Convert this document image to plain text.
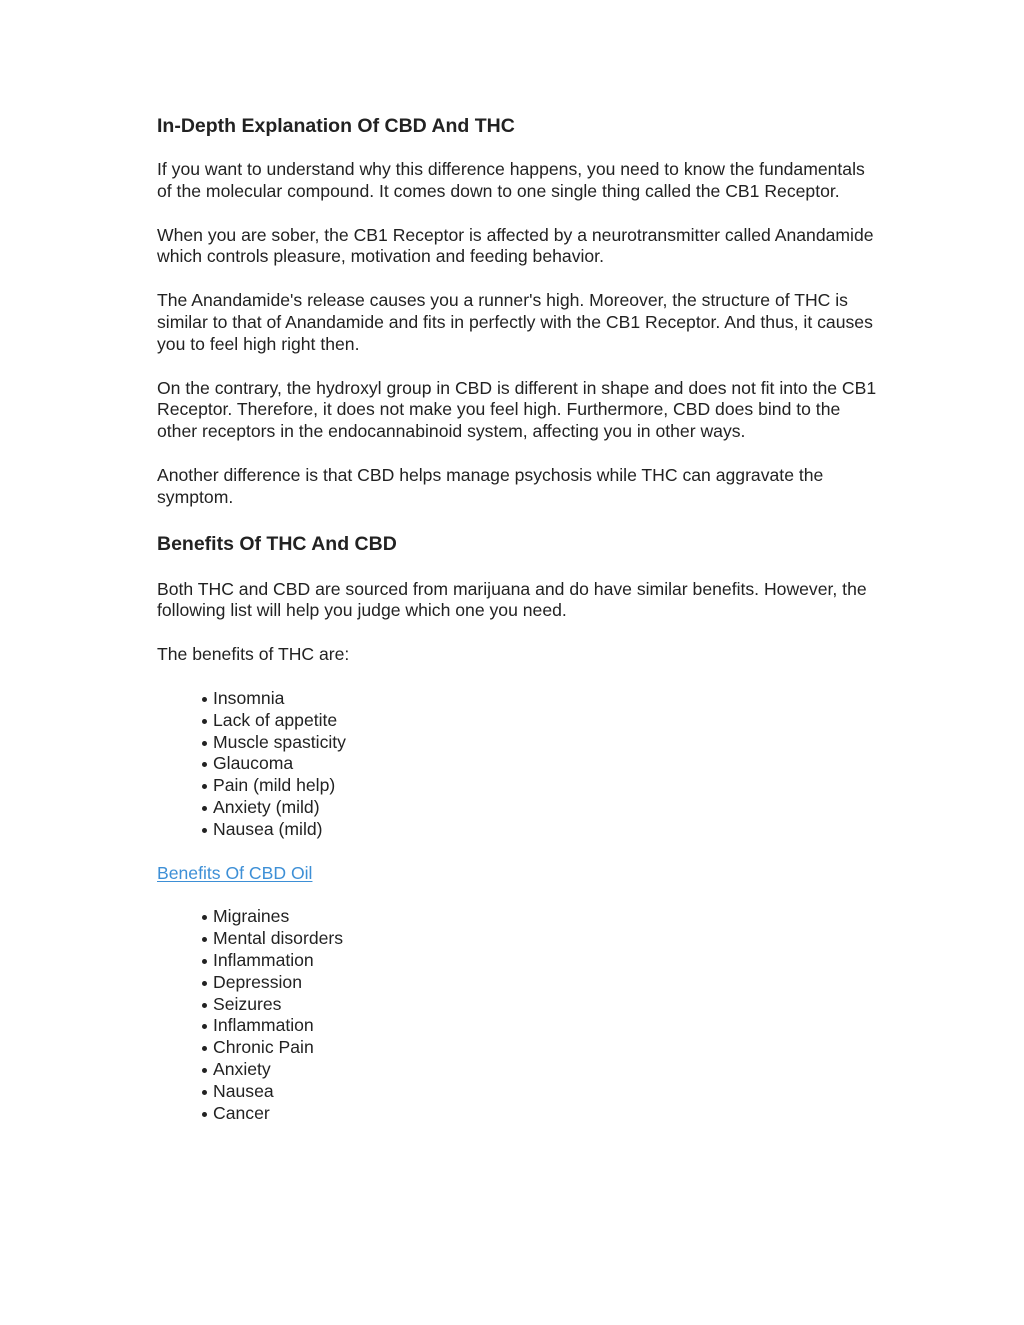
In-Depth Explanation Of CBD And THC

If you want to understand why this difference happens, you need to know the fundamentals of the molecular compound. It comes down to one single thing called the CB1 Receptor.

When you are sober, the CB1 Receptor is affected by a neurotransmitter called Anandamide which controls pleasure, motivation and feeding behavior.

The Anandamide's release causes you a runner's high. Moreover, the structure of THC is similar to that of Anandamide and fits in perfectly with the CB1 Receptor. And thus, it causes you to feel high right then.

On the contrary, the hydroxyl group in CBD is different in shape and does not fit into the CB1 Receptor. Therefore, it does not make you feel high. Furthermore, CBD does bind to the other receptors in the endocannabinoid system, affecting you in other ways.

Another difference is that CBD helps manage psychosis while THC can aggravate the symptom.

Benefits Of THC And CBD

Both THC and CBD are sourced from marijuana and do have similar benefits. However, the following list will help you judge which one you need.

The benefits of THC are:

Insomnia
Lack of appetite
Muscle spasticity
Glaucoma
Pain (mild help)
Anxiety (mild)
Nausea (mild)

Benefits Of CBD Oil

Migraines
Mental disorders
Inflammation
Depression
Seizures
Inflammation
Chronic Pain
Anxiety
Nausea
Cancer
